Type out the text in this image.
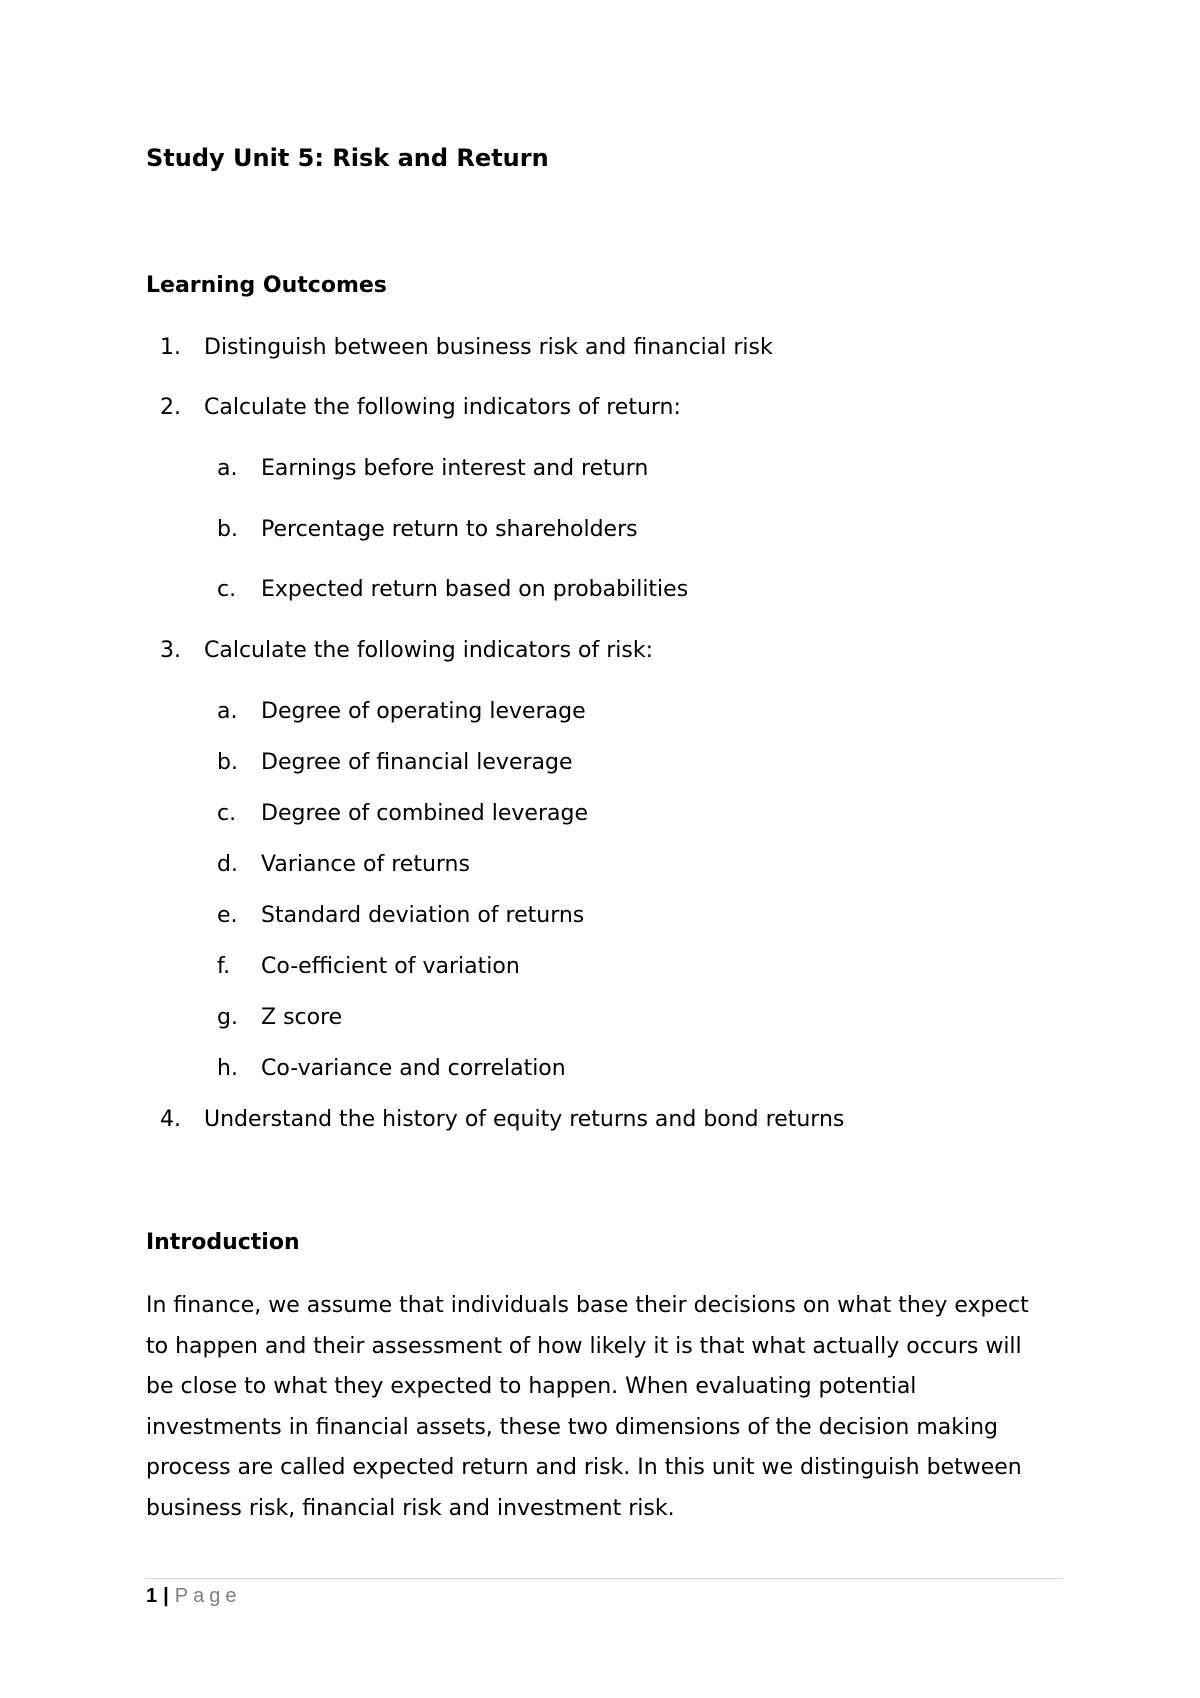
Study Unit 5: Risk and Return
Learning Outcomes
1. Distinguish between business risk and financial risk
2. Calculate the following indicators of return:
a. Earnings before interest and return
b. Percentage return to shareholders
c. Expected return based on probabilities
3. Calculate the following indicators of risk:
a. Degree of operating leverage
b. Degree of financial leverage
c. Degree of combined leverage
d. Variance of returns
e. Standard deviation of returns
f. Co-efficient of variation
g. Z score
h. Co-variance and correlation
4. Understand the history of equity returns and bond returns
Introduction

In finance, we assume that individuals base their decisions on what they expect
to happen and their assessment of how likely it is that what actually occurs will
be close to what they expected to happen. When evaluating potential
investments in financial assets, these two dimensions of the decision making
process are called expected return and risk. In this unit we distinguish between
business risk, financial risk and investment risk.

1 | Page
